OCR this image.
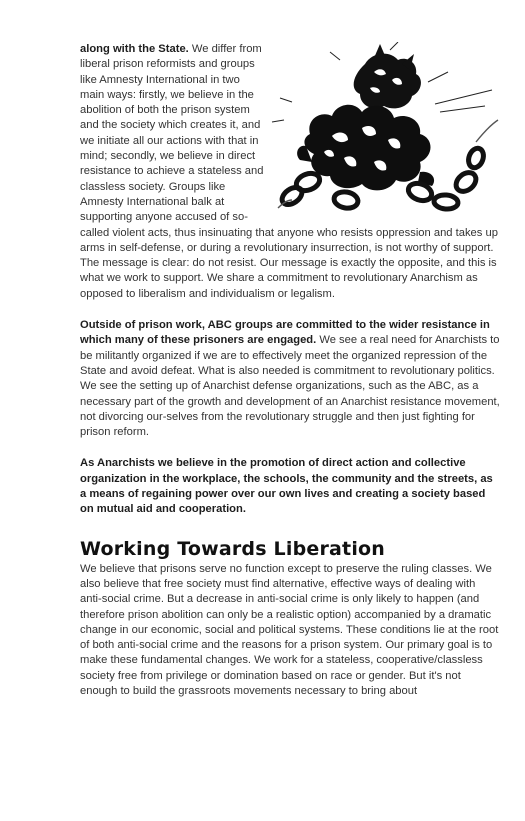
along with the State. We differ from liberal prison reformists and groups like Amnesty International in two main ways: firstly, we believe in the abolition of both the prison system and the society which creates it, and we initiate all our actions with that in mind; secondly, we believe in direct resistance to achieve a stateless and classless society. Groups like Amnesty International balk at supporting anyone accused of so-called violent acts, thus insinuating that anyone who resists oppression and takes up arms in self-defense, or during a revolutionary insurrection, is not worthy of support. The message is clear: do not resist. Our message is exactly the opposite, and this is what we work to support. We share a commitment to revolutionary Anarchism as opposed to liberalism and individualism or legalism.

Outside of prison work, ABC groups are committed to the wider resistance in which many of these prisoners are engaged. We see a real need for Anarchists to be militantly organized if we are to effectively meet the organized repression of the State and avoid defeat. What is also needed is commitment to revolutionary politics. We see the setting up of Anarchist defense organizations, such as the ABC, as a necessary part of the growth and development of an Anarchist resistance movement, not divorcing our-selves from the revolutionary struggle and then just fighting for prison reform.

As Anarchists we believe in the promotion of direct action and collective organization in the workplace, the schools, the community and the streets, as a means of regaining power over our own lives and creating a society based on mutual aid and cooperation.

Working Towards Liberation

We believe that prisons serve no function except to preserve the ruling classes. We also believe that free society must find alternative, effective ways of dealing with anti-social crime. But a decrease in anti-social crime is only likely to happen (and therefore prison abolition can only be a realistic option) accompanied by a dramatic change in our economic, social and political systems. These conditions lie at the root of both anti-social crime and the reasons for a prison system. Our primary goal is to make these fundamental changes. We work for a stateless, cooperative/classless society free from privilege or domination based on race or gender. But it's not enough to build the grassroots movements necessary to bring about
